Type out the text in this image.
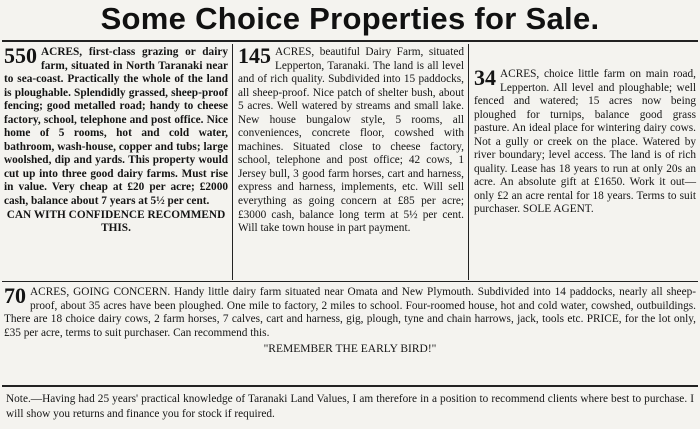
Some Choice Properties for Sale.

550 ACRES, first-class grazing or dairy farm, situated in North Taranaki near to sea-coast. Practically the whole of the land is ploughable. Splendidly grassed, sheep-proof fencing; good metalled road; handy to cheese factory, school, telephone and post office. Nice home of 5 rooms, hot and cold water, bathroom, wash-house, copper and tubs; large woolshed, dip and yards. This property would cut up into three good dairy farms. Must rise in value. Very cheap at £20 per acre; £2000 cash, balance about 7 years at 5½ per cent.

CAN WITH CONFIDENCE RECOMMEND THIS.

145 ACRES, beautiful Dairy Farm, situated Lepperton, Taranaki. The land is all level and of rich quality. Subdivided into 15 paddocks, all sheep-proof. Nice patch of shelter bush, about 5 acres. Well watered by streams and small lake. New house bungalow style, 5 rooms, all conveniences, concrete floor, cowshed with machines. Situated close to cheese factory, school, telephone and post office; 42 cows, 1 Jersey bull, 3 good farm horses, cart and harness, express and harness, implements, etc. Will sell everything as going concern at £85 per acre; £3000 cash, balance long term at 5½ per cent. Will take town house in part payment.

34 ACRES, choice little farm on main road, Lepperton. All level and ploughable; well fenced and watered; 15 acres now being ploughed for turnips, balance good grass pasture. An ideal place for wintering dairy cows. Not a gully or creek on the place. Watered by river boundary; level access. The land is of rich quality. Lease has 18 years to run at only 20s an acre. An absolute gift at £1650. Work it out—only £2 an acre rental for 18 years. Terms to suit purchaser. SOLE AGENT.

70 ACRES, GOING CONCERN. Handy little dairy farm situated near Omata and New Plymouth. Subdivided into 14 paddocks, nearly all sheep-proof, about 35 acres have been ploughed. One mile to factory, 2 miles to school. Four-roomed house, hot and cold water, cowshed, outbuildings. There are 18 choice dairy cows, 2 farm horses, 7 calves, cart and harness, gig, plough, tyne and chain harrows, jack, tools etc. PRICE, for the lot only, £35 per acre, terms to suit purchaser. Can recommend this.

"REMEMBER THE EARLY BIRD!"

Note.—Having had 25 years' practical knowledge of Taranaki Land Values, I am therefore in a position to recommend clients where best to purchase. I will show you returns and finance you for stock if required.
